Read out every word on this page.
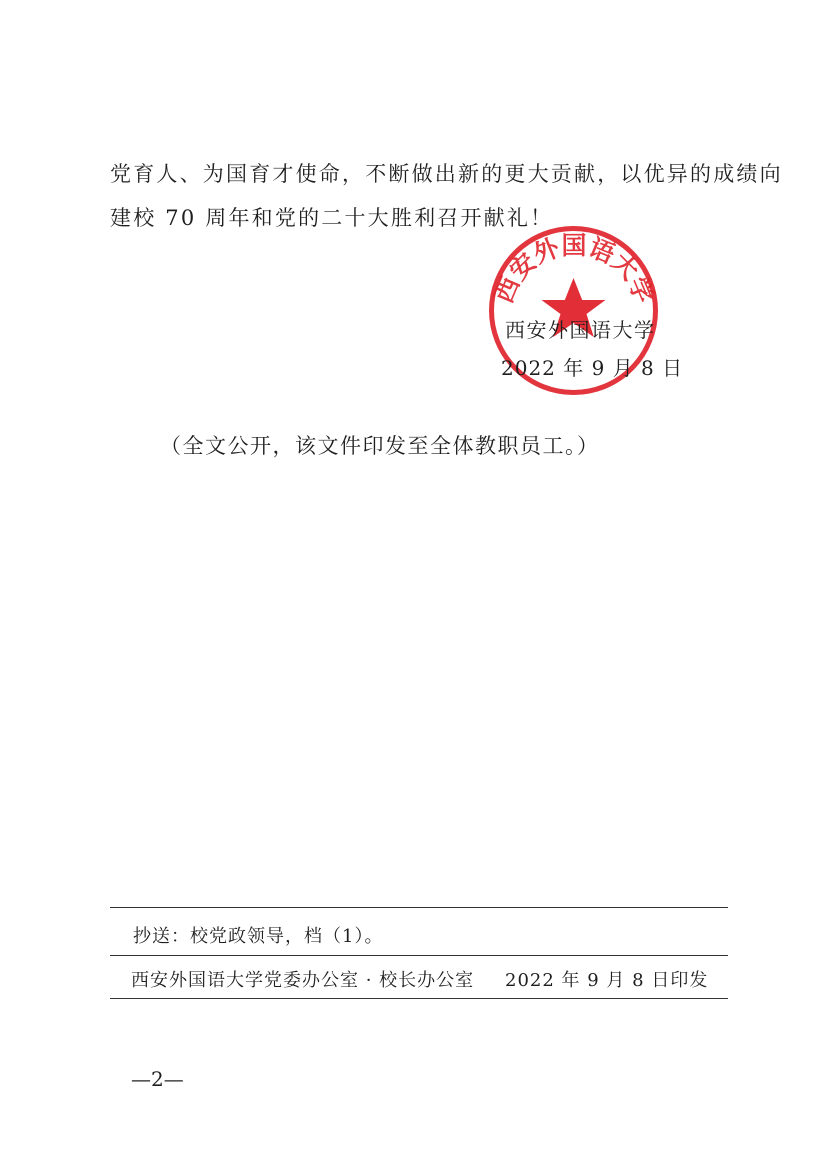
党育人、为国育才使命，不断做出新的更大贡献，以优异的成绩向
建校 70 周年和党的二十大胜利召开献礼！
西安外国语大学
西安外国语大学
2022 年 9 月 8 日
（全文公开，该文件印发至全体教职员工。）
抄送：校党政领导，档（1）。
西安外国语大学党委办公室 · 校长办公室 2022 年 9 月 8 日印发
—2—
